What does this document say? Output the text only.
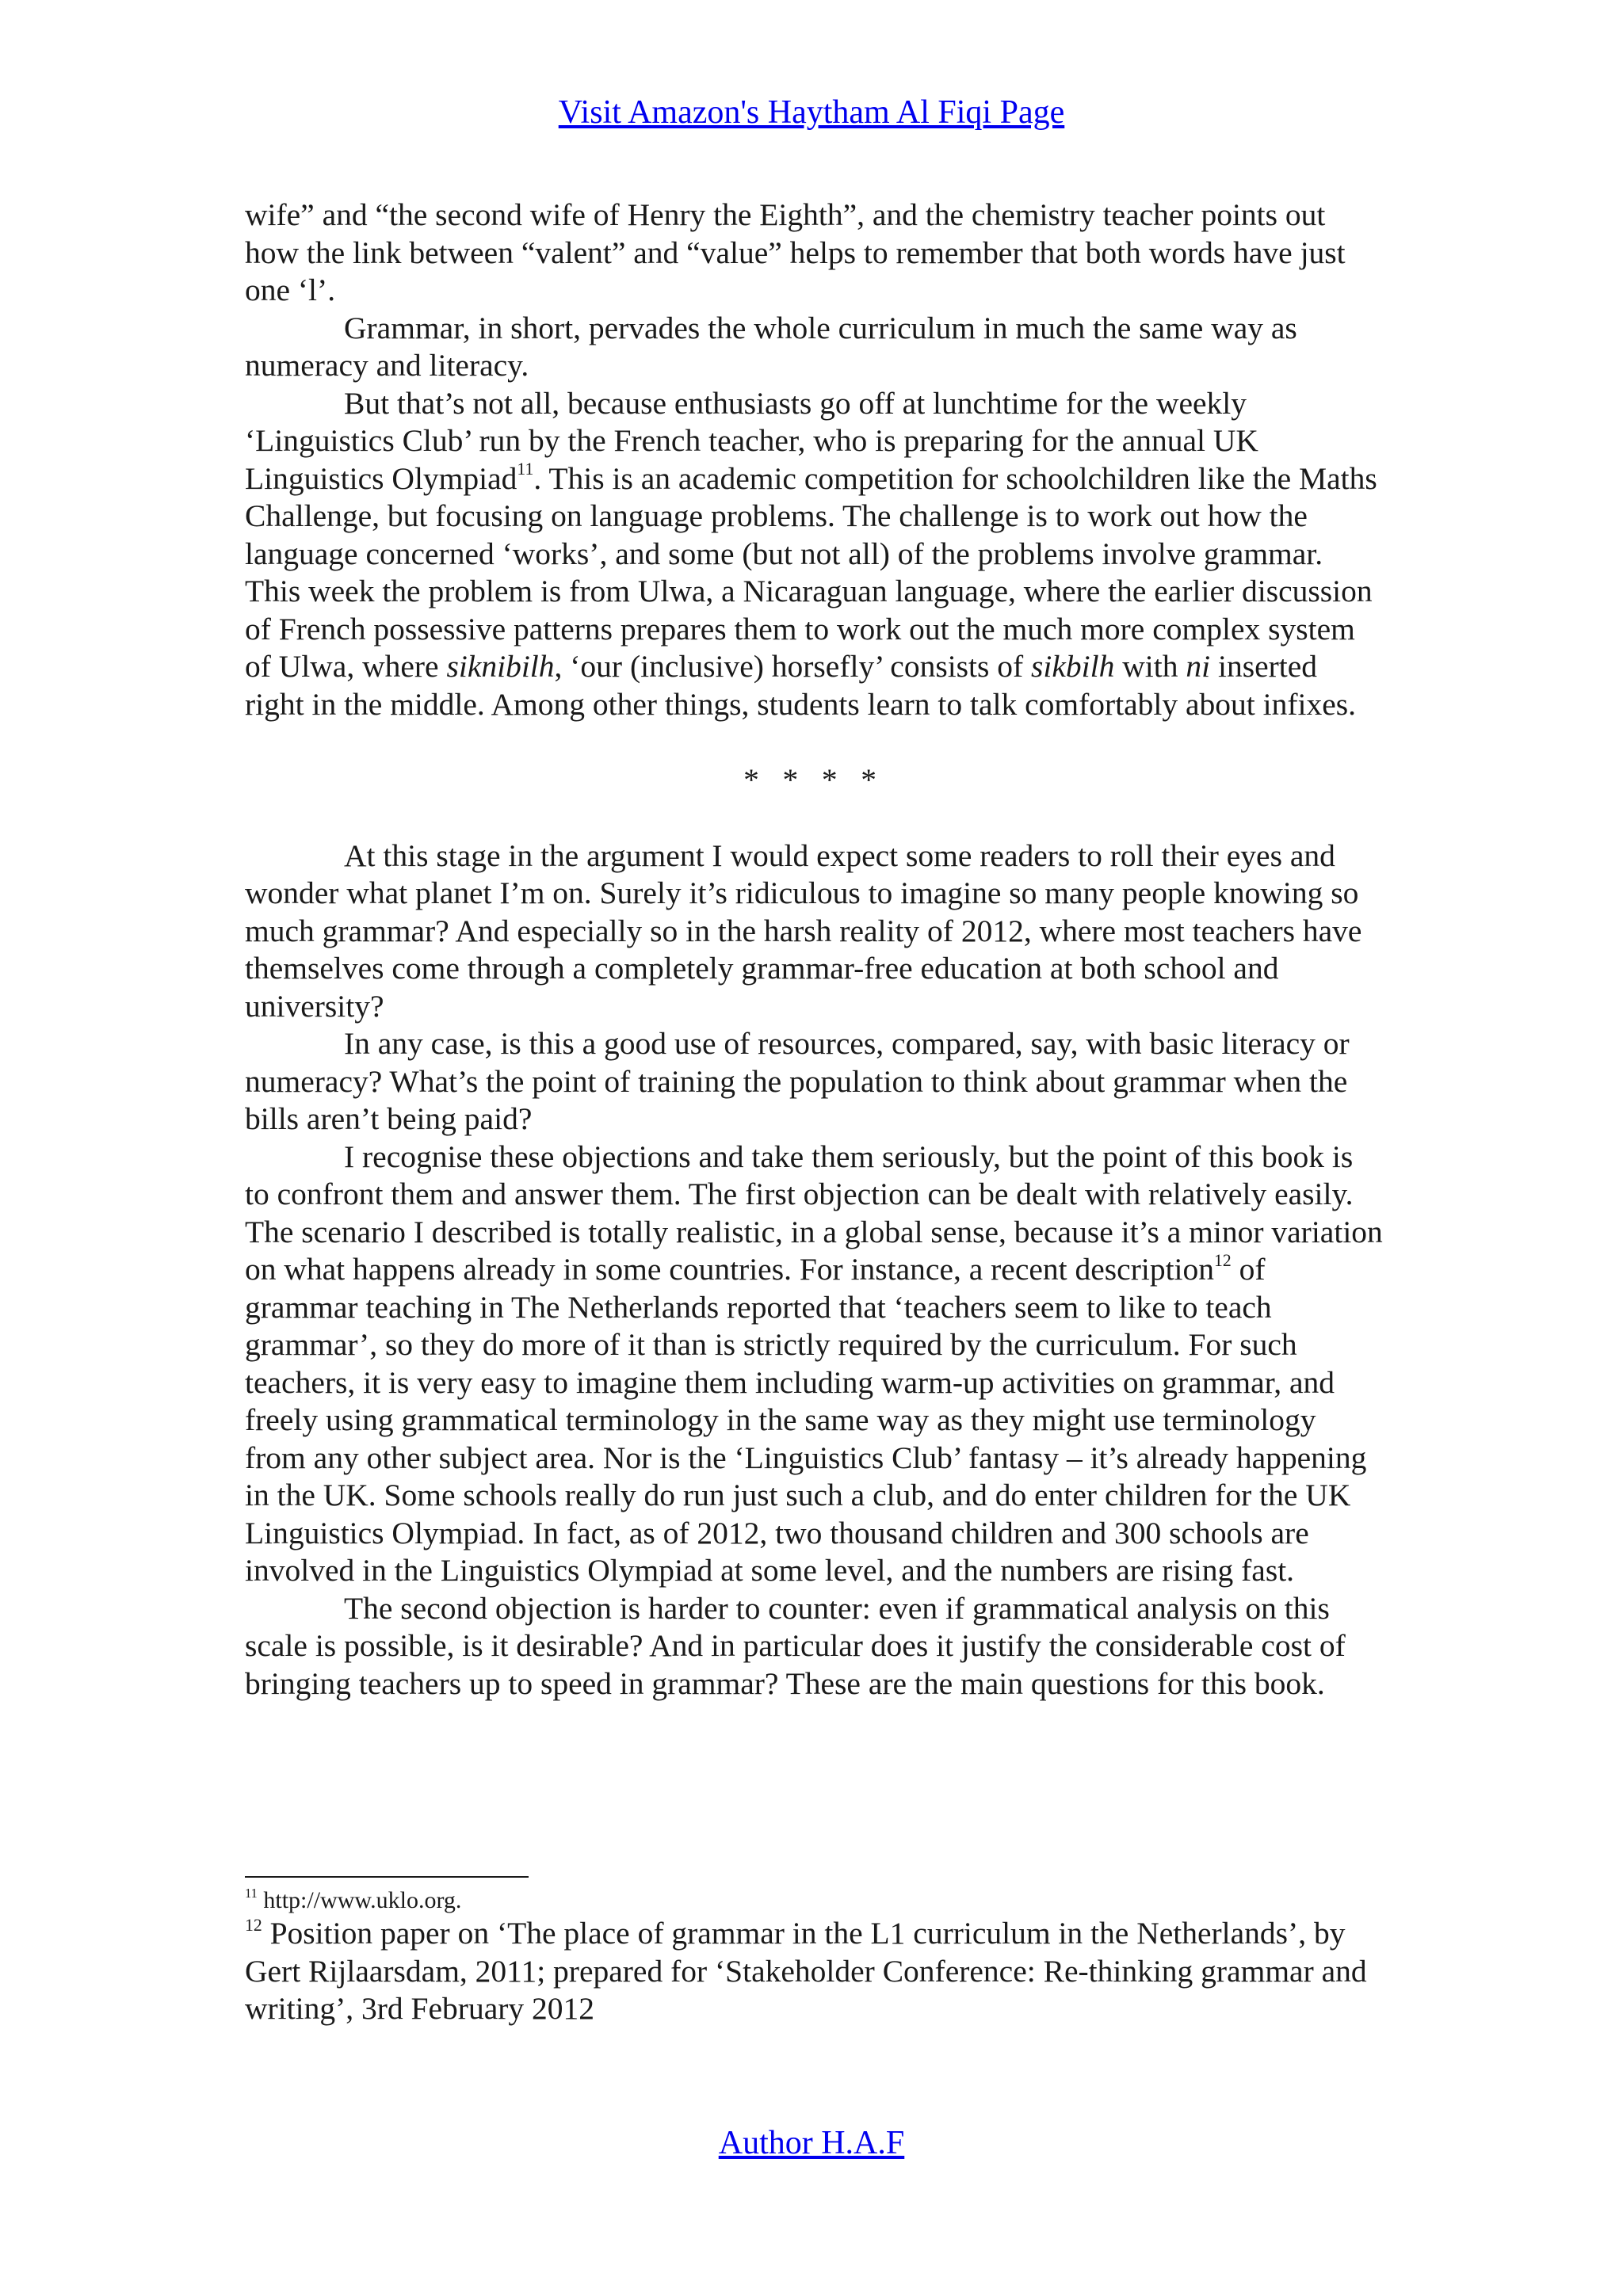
Visit Amazon's Haytham Al Fiqi Page

wife” and “the second wife of Henry the Eighth”, and the chemistry teacher points out how the link between “valent” and “value” helps to remember that both words have just one ‘l’.

Grammar, in short, pervades the whole curriculum in much the same way as numeracy and literacy.

But that’s not all, because enthusiasts go off at lunchtime for the weekly ‘Linguistics Club’ run by the French teacher, who is preparing for the annual UK Linguistics Olympiad$^{11}$. This is an academic competition for schoolchildren like the Maths Challenge, but focusing on language problems. The challenge is to work out how the language concerned ‘works’, and some (but not all) of the problems involve grammar. This week the problem is from Ulwa, a Nicaraguan language, where the earlier discussion of French possessive patterns prepares them to work out the much more complex system of Ulwa, where siknibilh, ‘our (inclusive) horsefly’ consists of sikbilh with ni inserted right in the middle. Among other things, students learn to talk comfortably about infixes.

* * * *

At this stage in the argument I would expect some readers to roll their eyes and wonder what planet I’m on. Surely it’s ridiculous to imagine so many people knowing so much grammar? And especially so in the harsh reality of 2012, where most teachers have themselves come through a completely grammar-free education at both school and university?

In any case, is this a good use of resources, compared, say, with basic literacy or numeracy? What’s the point of training the population to think about grammar when the bills aren’t being paid?

I recognise these objections and take them seriously, but the point of this book is to confront them and answer them. The first objection can be dealt with relatively easily. The scenario I described is totally realistic, in a global sense, because it’s a minor variation on what happens already in some countries. For instance, a recent description$^{12}$ of grammar teaching in The Netherlands reported that ‘teachers seem to like to teach grammar’, so they do more of it than is strictly required by the curriculum. For such teachers, it is very easy to imagine them including warm-up activities on grammar, and freely using grammatical terminology in the same way as they might use terminology from any other subject area. Nor is the ‘Linguistics Club’ fantasy – it’s already happening in the UK. Some schools really do run just such a club, and do enter children for the UK Linguistics Olympiad. In fact, as of 2012, two thousand children and 300 schools are involved in the Linguistics Olympiad at some level, and the numbers are rising fast.

The second objection is harder to counter: even if grammatical analysis on this scale is possible, is it desirable? And in particular does it justify the considerable cost of bringing teachers up to speed in grammar? These are the main questions for this book.

$^{11}$ http://www.uklo.org.

$^{12}$ Position paper on ‘The place of grammar in the L1 curriculum in the Netherlands’, by Gert Rijlaarsdam, 2011; prepared for ‘Stakeholder Conference: Re-thinking grammar and writing’, 3rd February 2012

Author H.A.F
